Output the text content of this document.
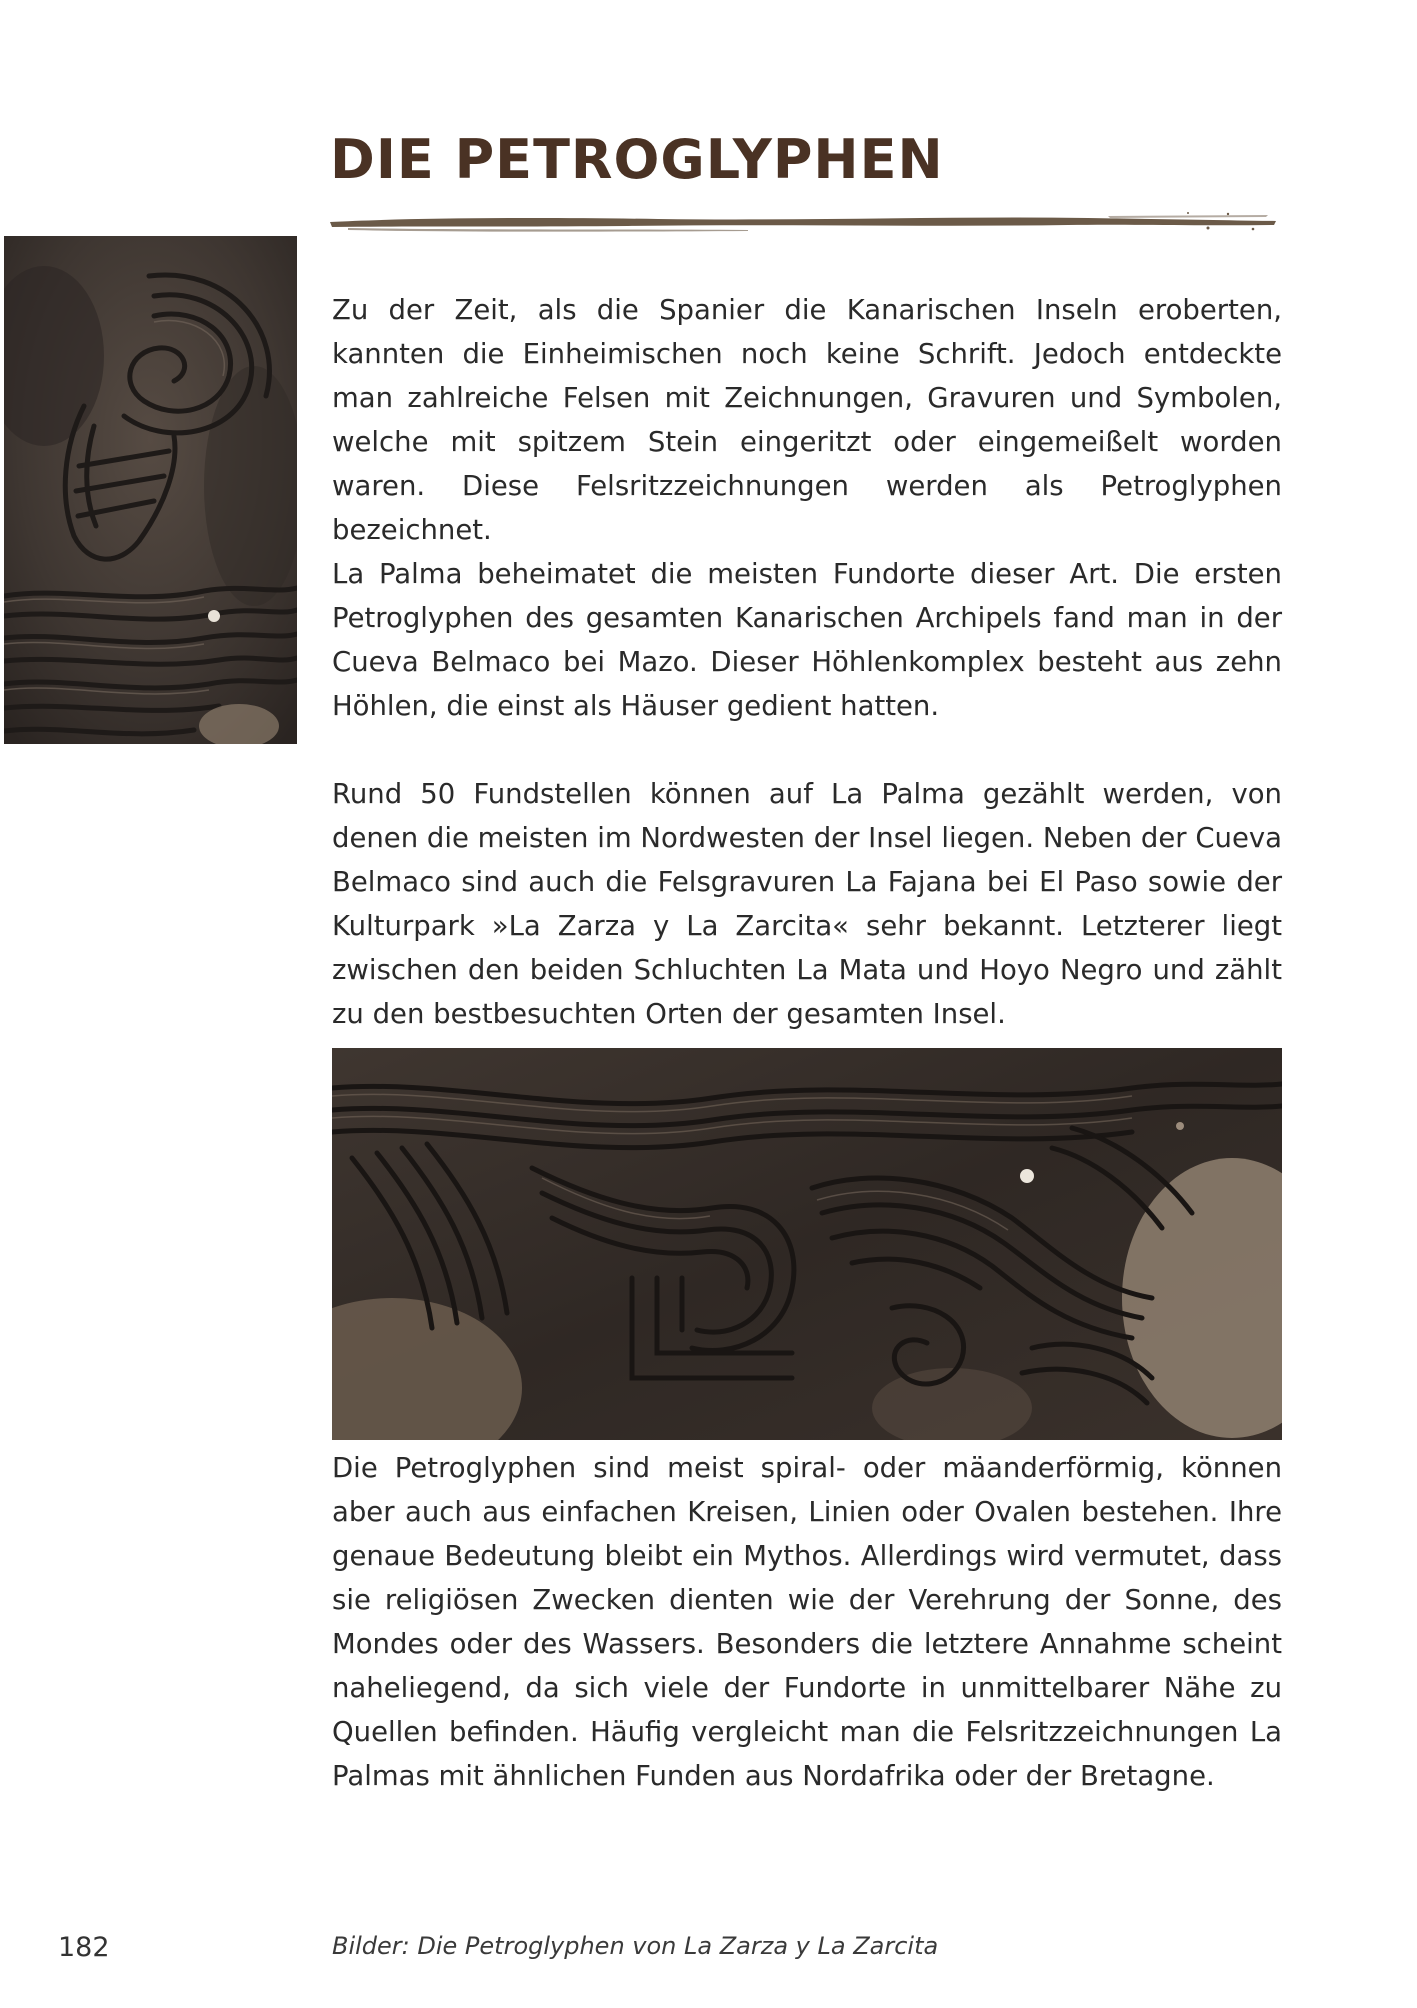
DIE PETROGLYPHEN

Zu der Zeit, als die Spanier die Kanarischen Inseln eroberten, kannten die Einheimischen noch keine Schrift. Jedoch entdeckte man zahlreiche Felsen mit Zeichnungen, Gravuren und Symbolen, welche mit spitzem Stein eingeritzt oder eingemeißelt worden waren. Diese Felsritzzeichnungen werden als Petroglyphen bezeichnet.

La Palma beheimatet die meisten Fundorte dieser Art. Die ersten Petroglyphen des gesamten Kanarischen Archipels fand man in der Cueva Belmaco bei Mazo. Dieser Höhlenkomplex besteht aus zehn Höhlen, die einst als Häuser gedient hatten.

Rund 50 Fundstellen können auf La Palma gezählt werden, von denen die meisten im Nordwesten der Insel liegen. Neben der Cueva Belmaco sind auch die Felsgravuren La Fajana bei El Paso sowie der Kulturpark »La Zarza y La Zarcita« sehr bekannt. Letzterer liegt zwischen den beiden Schluchten La Mata und Hoyo Negro und zählt zu den bestbesuchten Orten der gesamten Insel.

Die Petroglyphen sind meist spiral- oder mäanderförmig, können aber auch aus einfachen Kreisen, Linien oder Ovalen bestehen. Ihre genaue Bedeutung bleibt ein Mythos. Allerdings wird vermutet, dass sie religiösen Zwecken dienten wie der Verehrung der Sonne, des Mondes oder des Wassers. Besonders die letztere Annahme scheint naheliegend, da sich viele der Fundorte in unmittelbarer Nähe zu Quellen befinden. Häufig vergleicht man die Felsritzzeichnungen La Palmas mit ähnlichen Funden aus Nordafrika oder der Bretagne.

182	Bilder: Die Petroglyphen von La Zarza y La Zarcita
